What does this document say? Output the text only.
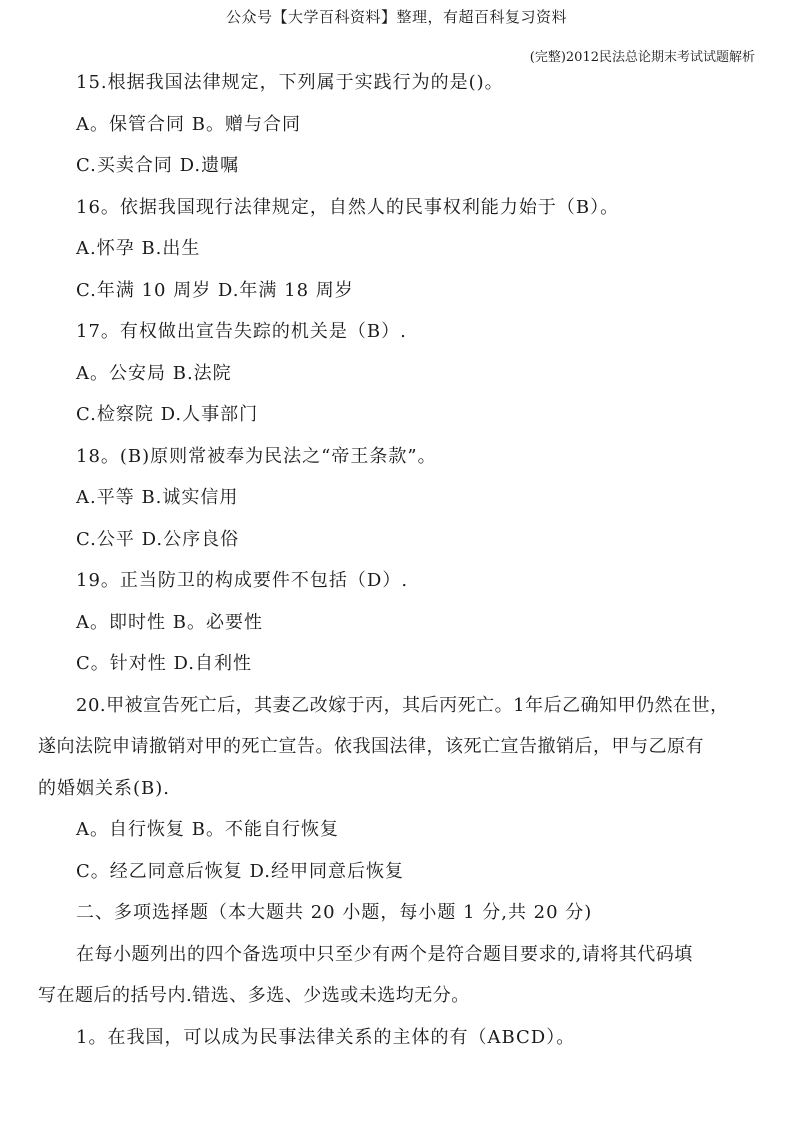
公众号【大学百科资料】整理，有超百科复习资料
(完整)2012民法总论期末考试试题解析
15.根据我国法律规定，下列属于实践行为的是()。
A。保管合同 B。赠与合同
C.买卖合同 D.遗嘱
16。依据我国现行法律规定，自然人的民事权利能力始于（B）。
A.怀孕 B.出生
C.年满 10 周岁 D.年满 18 周岁
17。有权做出宣告失踪的机关是（B）.
A。公安局 B.法院
C.检察院 D.人事部门
18。(B)原则常被奉为民法之“帝王条款”。
A.平等 B.诚实信用
C.公平 D.公序良俗
19。正当防卫的构成要件不包括（D）.
A。即时性 B。必要性
C。针对性 D.自利性
20.甲被宣告死亡后，其妻乙改嫁于丙，其后丙死亡。1年后乙确知甲仍然在世，
遂向法院申请撤销对甲的死亡宣告。依我国法律，该死亡宣告撤销后，甲与乙原有
的婚姻关系(B).
A。自行恢复 B。不能自行恢复
C。经乙同意后恢复 D.经甲同意后恢复
二、多项选择题（本大题共 20 小题，每小题 1 分,共 20 分)
在每小题列出的四个备选项中只至少有两个是符合题目要求的,请将其代码填
写在题后的括号内.错选、多选、少选或未选均无分。
1。在我国，可以成为民事法律关系的主体的有（ABCD）。
